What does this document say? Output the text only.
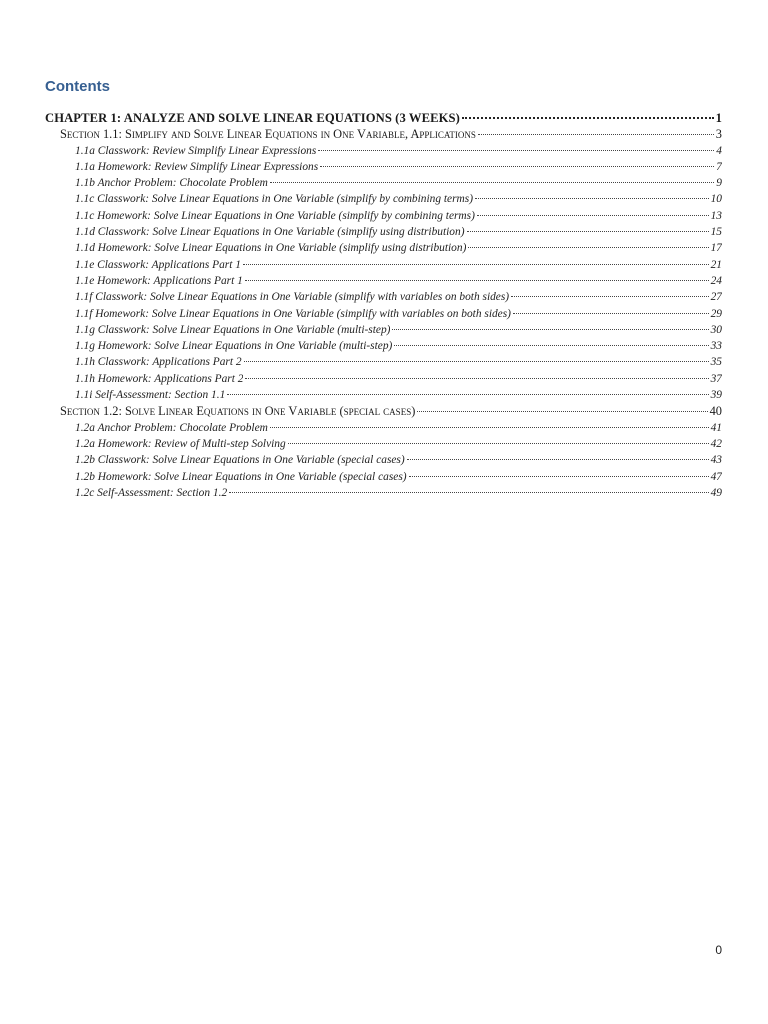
Contents
CHAPTER 1: ANALYZE AND SOLVE LINEAR EQUATIONS (3 WEEKS)	1
Section 1.1: Simplify and Solve Linear Equations in One Variable, Applications	3
1.1a Classwork: Review Simplify Linear Expressions	4
1.1a Homework: Review Simplify Linear Expressions	7
1.1b Anchor Problem: Chocolate Problem	9
1.1c Classwork: Solve Linear Equations in One Variable (simplify by combining terms)	10
1.1c Homework: Solve Linear Equations in One Variable (simplify by combining terms)	13
1.1d Classwork: Solve Linear Equations in One Variable (simplify using distribution)	15
1.1d Homework: Solve Linear Equations in One Variable (simplify using distribution)	17
1.1e Classwork: Applications Part 1	21
1.1e Homework: Applications Part 1	24
1.1f Classwork: Solve Linear Equations in One Variable (simplify with variables on both sides)	27
1.1f Homework: Solve Linear Equations in One Variable (simplify with variables on both sides)	29
1.1g Classwork: Solve Linear Equations in One Variable (multi-step)	30
1.1g Homework: Solve Linear Equations in One Variable (multi-step)	33
1.1h Classwork: Applications Part 2	35
1.1h Homework: Applications Part 2	37
1.1i Self-Assessment: Section 1.1	39
Section 1.2: Solve Linear Equations in One Variable (special cases)	40
1.2a Anchor Problem: Chocolate Problem	41
1.2a Homework: Review of Multi-step Solving	42
1.2b Classwork: Solve Linear Equations in One Variable (special cases)	43
1.2b Homework: Solve Linear Equations in One Variable (special cases)	47
1.2c Self-Assessment: Section 1.2	49
0
